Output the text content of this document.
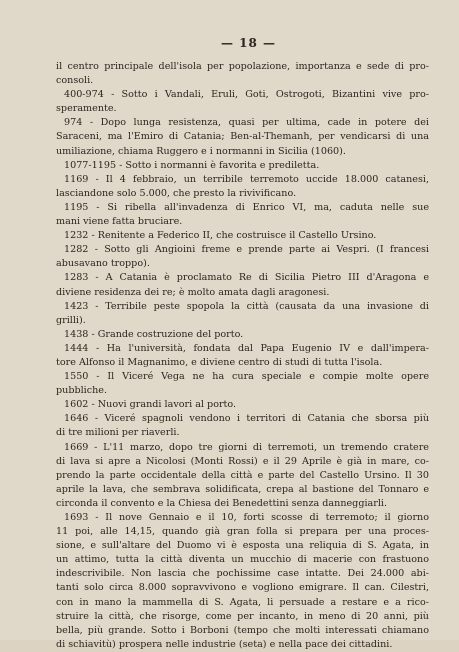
— 18 —
il centro principale dell'isola per popolazione, importanza e sede di pro-
consoli.
400-974 - Sotto i Vandali, Eruli, Goti, Ostrogoti, Bizantini vive pro-
speramente.
974 - Dopo lunga resistenza, quasi per ultima, cade in potere dei
Saraceni, ma l'Emiro di Catania; Ben-al-Themanh, per vendicarsi di una
umiliazione, chiama Ruggero e i normanni in Sicilia (1060).
1077-1195 - Sotto i normanni è favorita e prediletta.
1169 - Il 4 febbraio, un terribile terremoto uccide 18.000 catanesi,
lasciandone solo 5.000, che presto la rivivificano.
1195 - Si ribella all'invadenza di Enrico VI, ma, caduta nelle sue
mani viene fatta bruciare.
1232 - Renitente a Federico II, che costruisce il Castello Ursino.
1282 - Sotto gli Angioini freme e prende parte ai Vespri. (I francesi
abusavano troppo).
1283 - A Catania è proclamato Re di Sicilia Pietro III d'Aragona e
diviene residenza dei re; è molto amata dagli aragonesi.
1423 - Terribile peste spopola la città (causata da una invasione di
grilli).
1438 - Grande costruzione del porto.
1444 - Ha l'università, fondata dal Papa Eugenio IV e dall'impera-
tore Alfonso il Magnanimo, e diviene centro di studi di tutta l'isola.
1550 - Il Viceré Vega ne ha cura speciale e compie molte opere
pubbliche.
1602 - Nuovi grandi lavori al porto.
1646 - Viceré spagnoli vendono i territori di Catania che sborsa più
di tre milioni per riaverli.
1669 - L'11 marzo, dopo tre giorni di terremoti, un tremendo cratere
di lava si apre a Nicolosi (Monti Rossi) e il 29 Aprile è già in mare, co-
prendo la parte occidentale della città e parte del Castello Ursino. Il 30
aprile la lava, che sembrava solidificata, crepa al bastione del Tonnaro e
circonda il convento e la Chiesa dei Benedettini senza danneggiarli.
1693 - Il nove Gennaio e il 10, forti scosse di terremoto; il giorno
11 poi, alle 14,15, quando già gran folla si prepara per una proces-
sione, e sull'altare del Duomo vi è esposta una reliquia di S. Agata, in
un attimo, tutta la città diventa un mucchio di macerie con frastuono
indescrivibile. Non lascia che pochissime case intatte. Dei 24.000 abi-
tanti solo circa 8.000 sopravvivono e vogliono emigrare. Il can. Cilestri,
con in mano la mammella di S. Agata, li persuade a restare e a rico-
struire la città, che risorge, come per incanto, in meno di 20 anni, più
bella, più grande. Sotto i Borboni (tempo che molti interessati chiamano
di schiavitù) prospera nelle industrie (seta) e nella pace dei cittadini.
